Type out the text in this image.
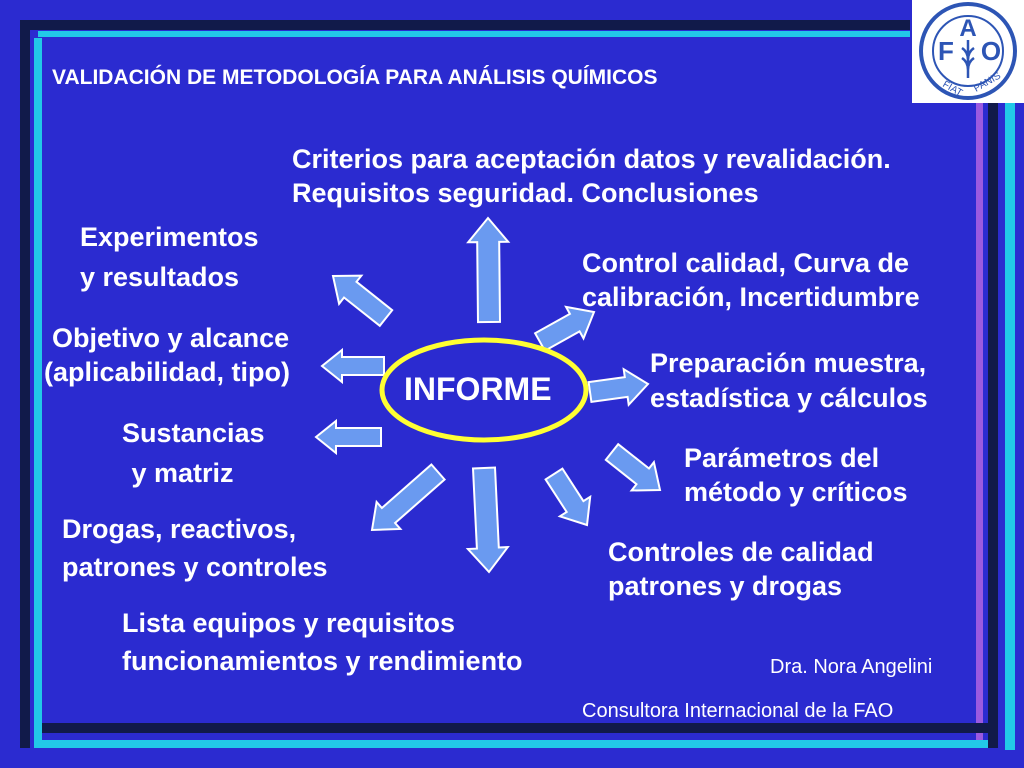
VALIDACIÓN DE METODOLOGÍA PARA ANÁLISIS QUÍMICOS
F
A
O
FIAT PANIS
INFORME
Criterios para aceptación datos y revalidación.
Requisitos seguridad. Conclusiones
Experimentos
y resultados	Control calidad, Curva de
calibración, Incertidumbre
Objetivo y alcance
(aplicabilidad, tipo)	Preparación muestra,
estadística y cálculos
Sustancias
y matriz	Parámetros del
método y críticos
Drogas, reactivos,
patrones y controles	Controles de calidad
patrones y drogas
Lista equipos y requisitos
funcionamientos y rendimiento	Dra. Nora Angelini
Consultora Internacional de la FAO
